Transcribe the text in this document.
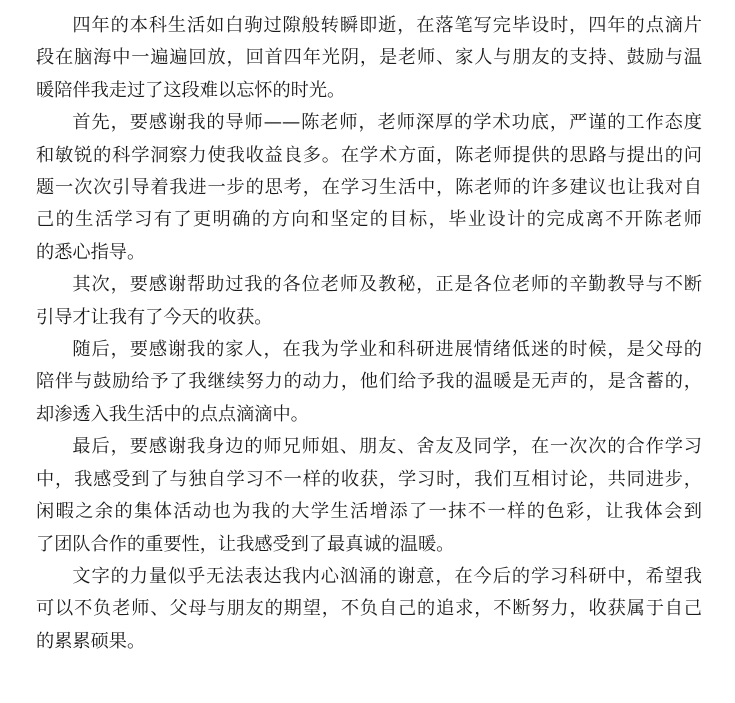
四年的本科生活如白驹过隙般转瞬即逝，在落笔写完毕设时，四年的点滴片
段在脑海中一遍遍回放，回首四年光阴，是老师、家人与朋友的支持、鼓励与温
暖陪伴我走过了这段难以忘怀的时光。

首先，要感谢我的导师——陈老师，老师深厚的学术功底，严谨的工作态度
和敏锐的科学洞察力使我收益良多。在学术方面，陈老师提供的思路与提出的问
题一次次引导着我进一步的思考，在学习生活中，陈老师的许多建议也让我对自
己的生活学习有了更明确的方向和坚定的目标，毕业设计的完成离不开陈老师
的悉心指导。

其次，要感谢帮助过我的各位老师及教秘，正是各位老师的辛勤教导与不断
引导才让我有了今天的收获。

随后，要感谢我的家人，在我为学业和科研进展情绪低迷的时候，是父母的
陪伴与鼓励给予了我继续努力的动力，他们给予我的温暖是无声的，是含蓄的，
却渗透入我生活中的点点滴滴中。

最后，要感谢我身边的师兄师姐、朋友、舍友及同学，在一次次的合作学习
中，我感受到了与独自学习不一样的收获，学习时，我们互相讨论，共同进步，
闲暇之余的集体活动也为我的大学生活增添了一抹不一样的色彩，让我体会到
了团队合作的重要性，让我感受到了最真诚的温暖。

文字的力量似乎无法表达我内心汹涌的谢意，在今后的学习科研中，希望我
可以不负老师、父母与朋友的期望，不负自己的追求，不断努力，收获属于自己
的累累硕果。
